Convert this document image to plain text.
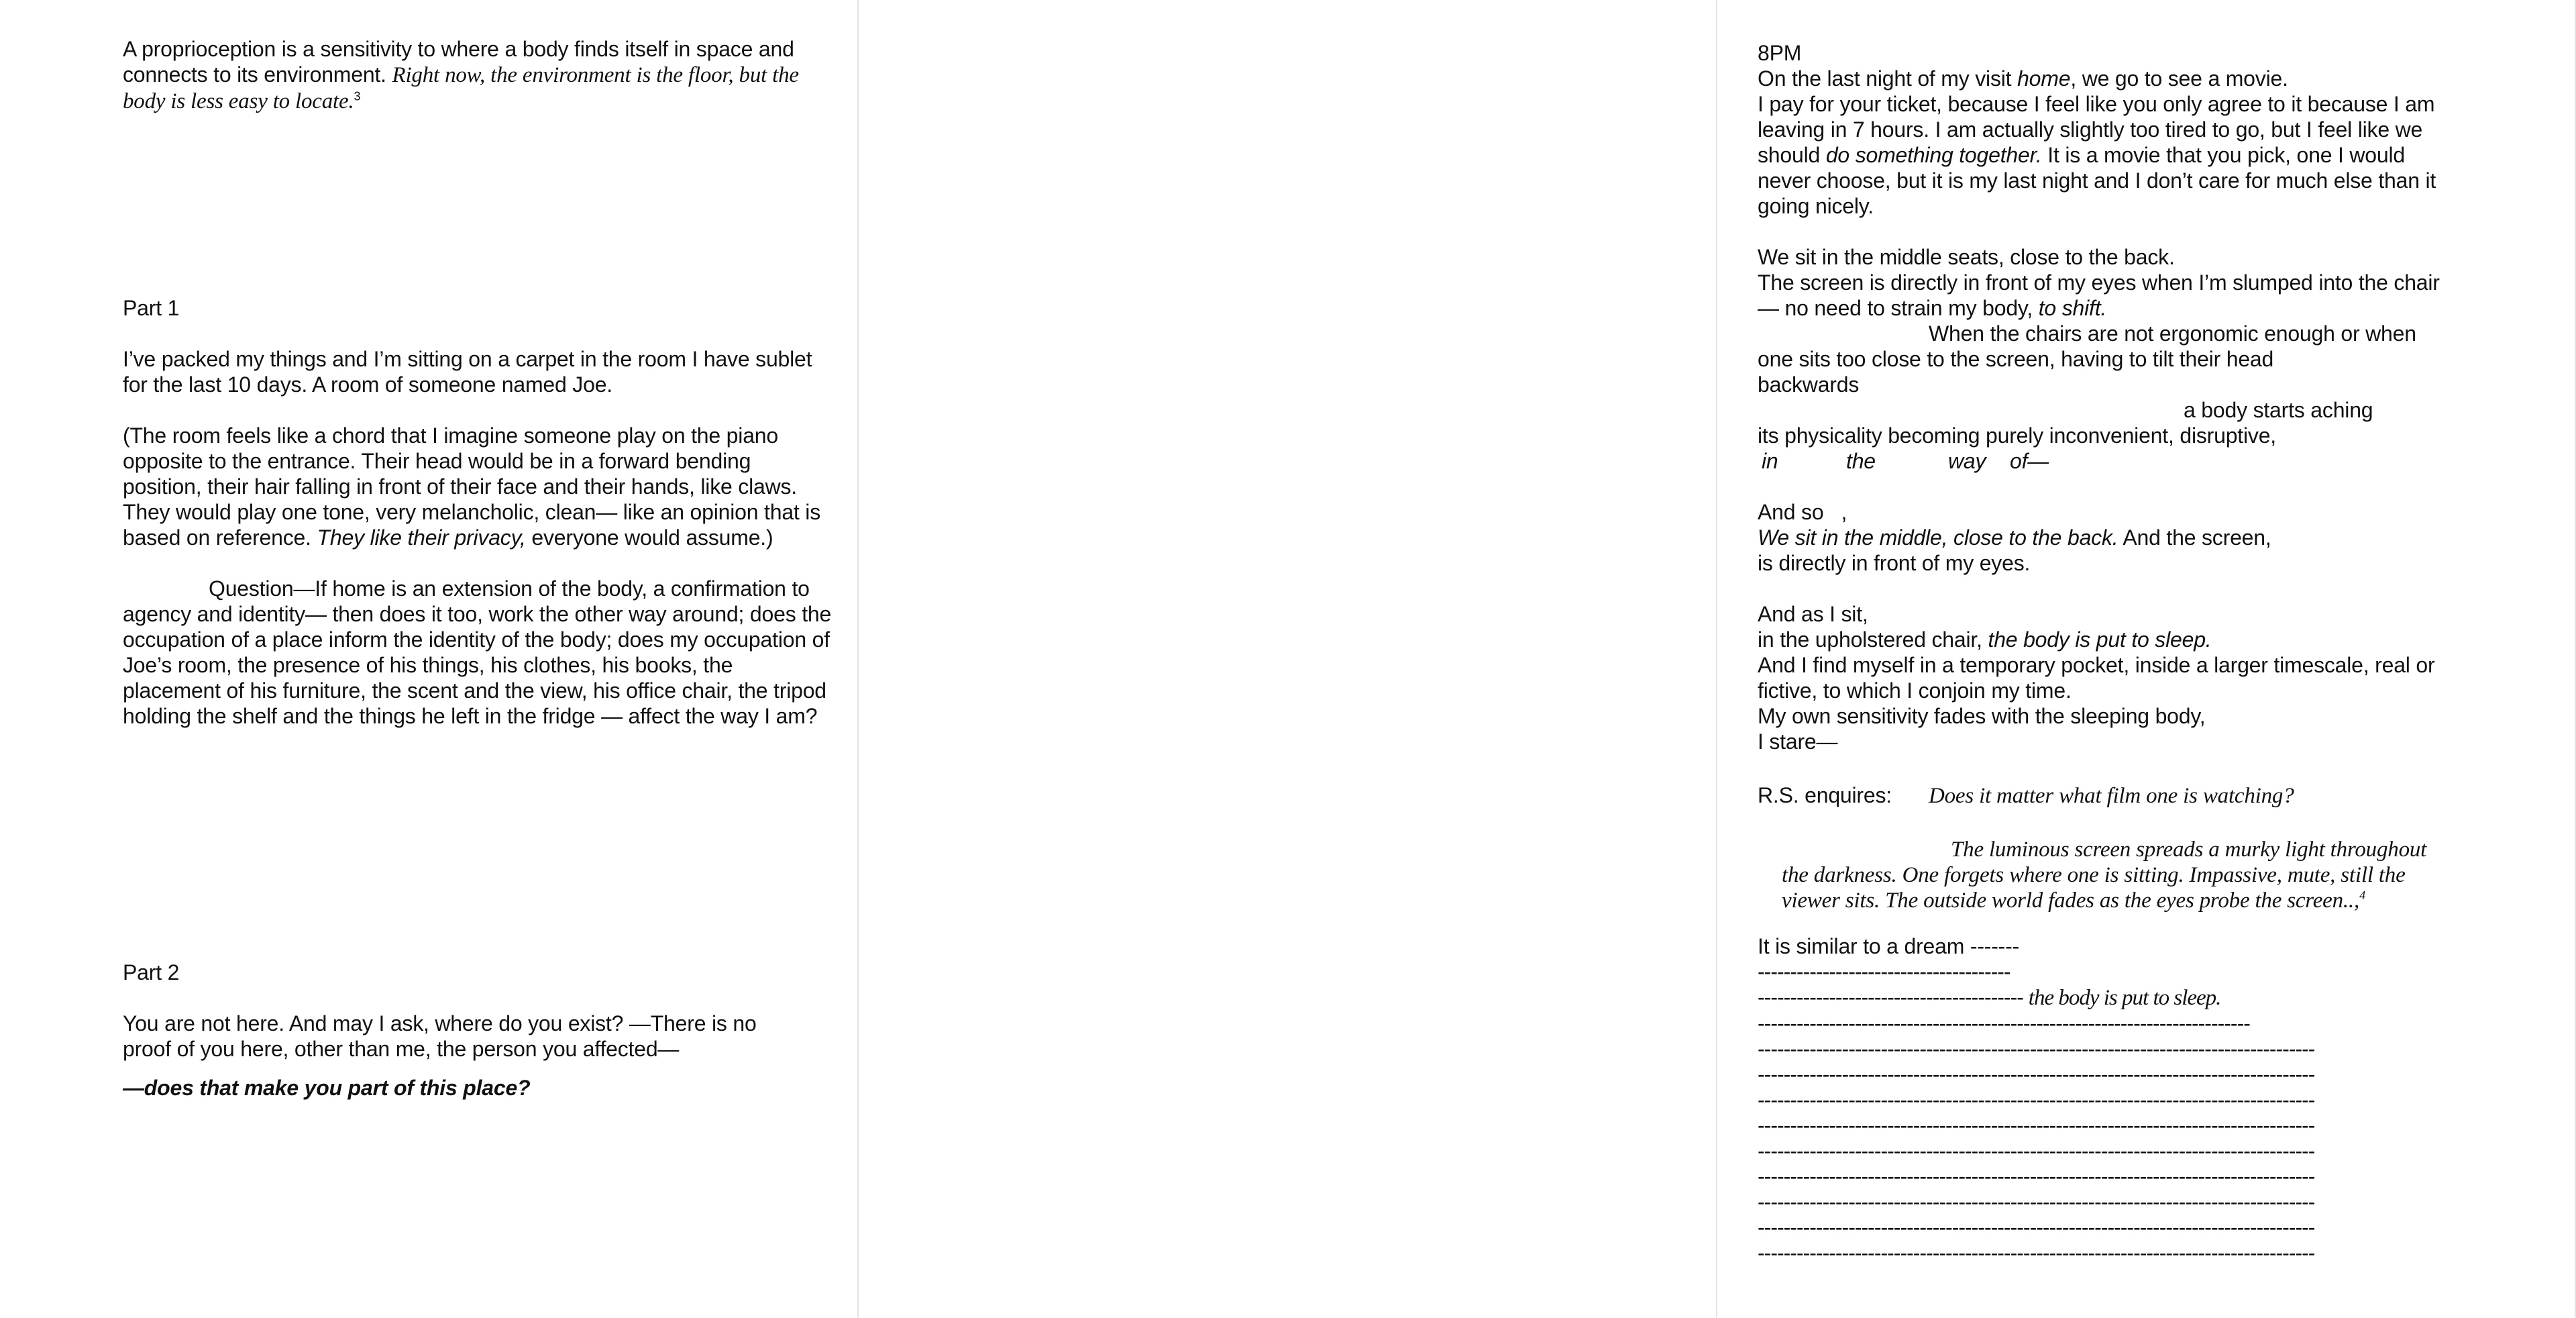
A proprioception is a sensitivity to where a body finds itself in space and connects to its environment. Right now, the environment is the floor, but the body is less easy to locate.$^3$

Part 1

I’ve packed my things and I’m sitting on a carpet in the room I have sublet for the last 10 days. A room of someone named Joe.

(The room feels like a chord that I imagine someone play on the piano opposite to the entrance. Their head would be in a forward bending position, their hair falling in front of their face and their hands, like claws. They would play one tone, very melancholic, clean— like an opinion that is based on reference. They like their privacy, everyone would assume.)

Question—If home is an extension of the body, a confirmation to agency and identity— then does it too, work the other way around; does the occupation of a place inform the identity of the body; does my occupation of Joe’s room, the presence of his things, his clothes, his books, the placement of his furniture, the scent and the view, his office chair, the tripod holding the shelf and the things he left in the fridge — affect the way I am?

Part 2

You are not here. And may I ask, where do you exist? —There is no proof of you here, other than me, the person you affected—

—does that make you part of this place?

8PM

On the last night of my visit home, we go to see a movie.

I pay for your ticket, because I feel like you only agree to it because I am leaving in 7 hours. I am actually slightly too tired to go, but I feel like we should do something together. It is a movie that you pick, one I would never choose, but it is my last night and I don’t care for much else than it going nicely.

We sit in the middle seats, close to the back.

The screen is directly in front of my eyes when I’m slumped into the chair— no need to strain my body, to shift.

When the chairs are not ergonomic enough or when

one sits too close to the screen, having to tilt their head

backwards

a body starts aching

its physicality becoming purely inconvenient, disruptive,

in	the	way of—

And so   ,

We sit in the middle, close to the back. And the screen,

is directly in front of my eyes.

And as I sit,

in the upholstered chair, the body is put to sleep.

And I find myself in a temporary pocket, inside a larger timescale, real or fictive, to which I conjoin my time.

My own sensitivity fades with the sleeping body,

I stare—

R.S. enquires: Does it matter what film one is watching?

The luminous screen spreads a murky light throughout the darkness. One forgets where one is sitting. Impassive, mute, still the viewer sits. The outside world fades as the eyes probe the screen..,$^4$

It is similar to a dream -------

---------------------------------------

----------------------------------------- the body is put to sleep.

----------------------------------------------------------------------------

--------------------------------------------------------------------------------------

--------------------------------------------------------------------------------------

--------------------------------------------------------------------------------------

--------------------------------------------------------------------------------------

--------------------------------------------------------------------------------------

--------------------------------------------------------------------------------------

--------------------------------------------------------------------------------------

--------------------------------------------------------------------------------------

--------------------------------------------------------------------------------------
